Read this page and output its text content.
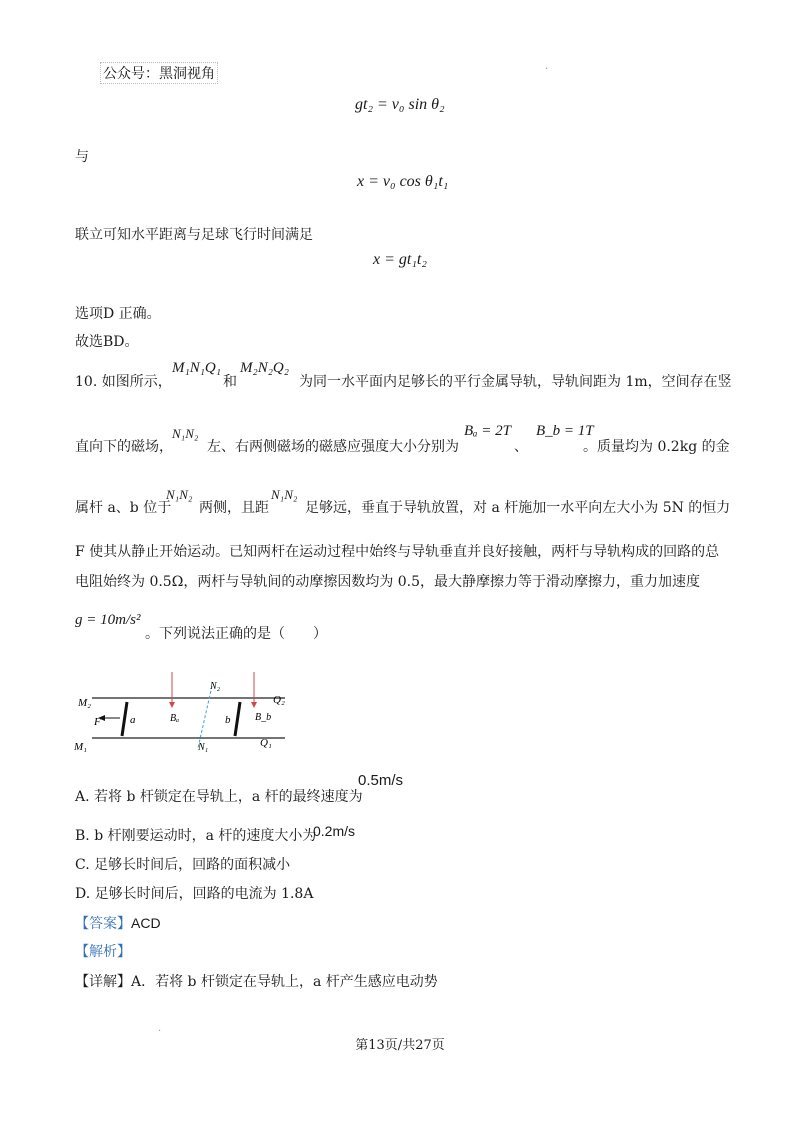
公众号：黑洞视角	·
gt₂ = v₀ sin θ₂
与
x = v₀ cos θ₁t₁
联立可知水平距离与足球飞行时间满足
x = gt₁t₂
选项D 正确。
故选BD。
10. 如图所示，
M₁N₁Q₁
和
M₂N₂Q₂
为同一水平面内足够长的平行金属导轨，导轨间距为 1m，空间存在竖
直向下的磁场，
N₁N₂
左、右两侧磁场的磁感应强度大小分别为
Bₐ = 2T
、
B_b = 1T
。质量均为 0.2kg 的金
属杆 a、b 位于
N₁N₂
两侧，且距
N₁N₂
足够远，垂直于导轨放置，对 a 杆施加一水平向左大小为 5N 的恒力
F 使其从静止开始运动。已知两杆在运动过程中始终与导轨垂直并良好接触，两杆与导轨构成的回路的总
电阻始终为 0.5Ω，两杆与导轨间的动摩擦因数均为 0.5，最大静摩擦力等于滑动摩擦力，重力加速度
g = 10m/s²
。下列说法正确的是（　　）
M₂
M₁
N₂
N₁
Q₂
Q₁
F	a	b
Bₐ	B_b
A. 若将 b 杆锁定在导轨上，a 杆的最终速度为
0.5m/s
B. b 杆刚要运动时，a 杆的速度大小为
0.2m/s
C. 足够长时间后，回路的面积减小
D. 足够长时间后，回路的电流为 1.8A
【答案】ACD
【解析】
【详解】A．若将 b 杆锁定在导轨上，a 杆产生感应电动势
·
第13页/共27页
